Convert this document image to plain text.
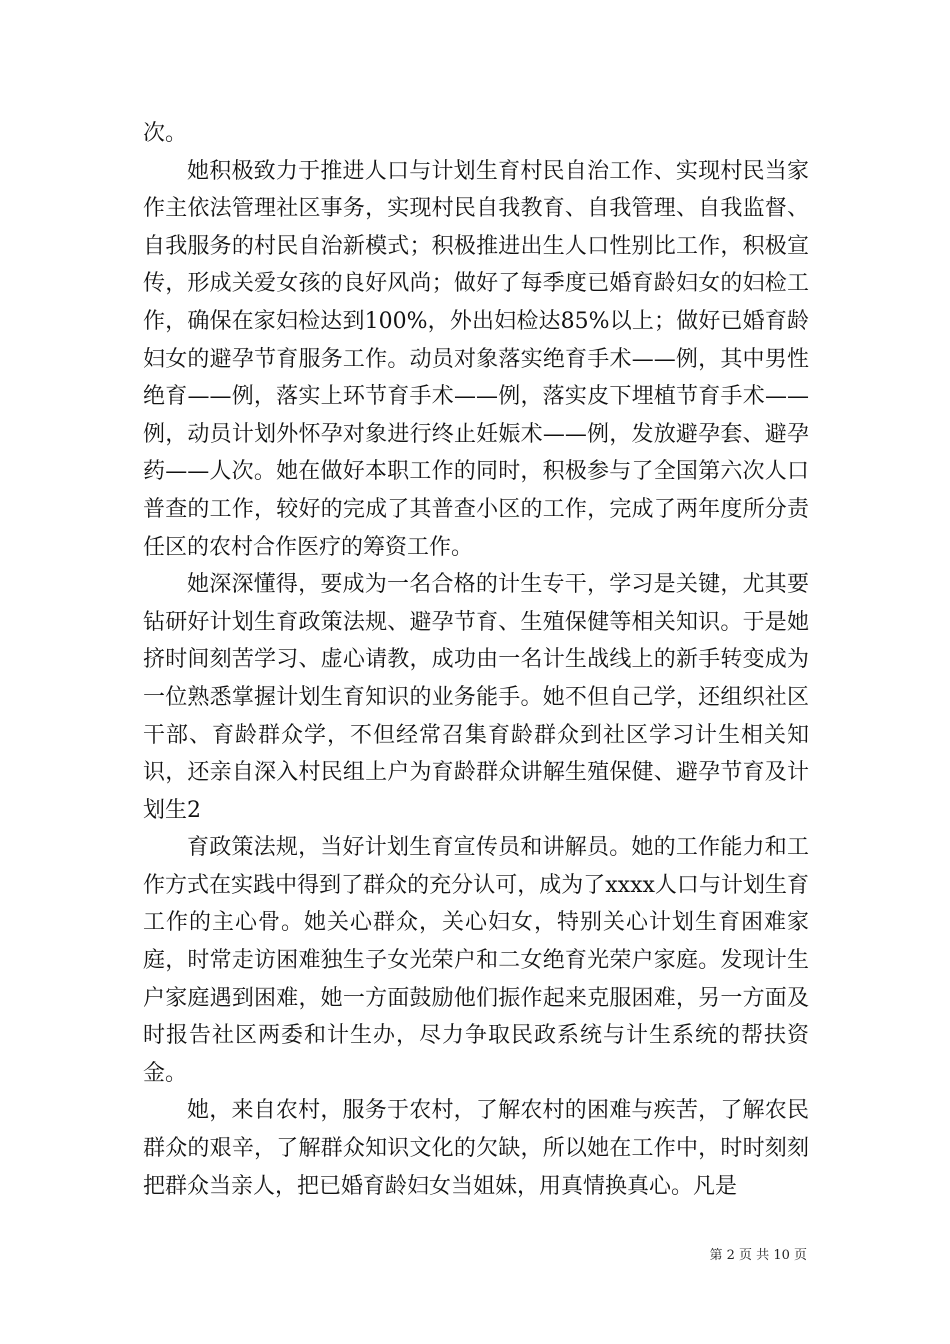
次。

她积极致力于推进人口与计划生育村民自治工作、实现村民当家作主依法管理社区事务，实现村民自我教育、自我管理、自我监督、自我服务的村民自治新模式；积极推进出生人口性别比工作，积极宣传，形成关爱女孩的良好风尚；做好了每季度已婚育龄妇女的妇检工作，确保在家妇检达到100%，外出妇检达85%以上；做好已婚育龄妇女的避孕节育服务工作。动员对象落实绝育手术——例，其中男性绝育——例，落实上环节育手术——例，落实皮下埋植节育手术——例，动员计划外怀孕对象进行终止妊娠术——例，发放避孕套、避孕药——人次。她在做好本职工作的同时，积极参与了全国第六次人口普查的工作，较好的完成了其普查小区的工作，完成了两年度所分责任区的农村合作医疗的筹资工作。

她深深懂得，要成为一名合格的计生专干，学习是关键，尤其要钻研好计划生育政策法规、避孕节育、生殖保健等相关知识。于是她挤时间刻苦学习、虚心请教，成功由一名计生战线上的新手转变成为一位熟悉掌握计划生育知识的业务能手。她不但自己学，还组织社区干部、育龄群众学，不但经常召集育龄群众到社区学习计生相关知识，还亲自深入村民组上户为育龄群众讲解生殖保健、避孕节育及计划生2

育政策法规，当好计划生育宣传员和讲解员。她的工作能力和工作方式在实践中得到了群众的充分认可，成为了xxxx人口与计划生育工作的主心骨。她关心群众，关心妇女，特别关心计划生育困难家庭，时常走访困难独生子女光荣户和二女绝育光荣户家庭。发现计生户家庭遇到困难，她一方面鼓励他们振作起来克服困难，另一方面及时报告社区两委和计生办，尽力争取民政系统与计生系统的帮扶资金。

她，来自农村，服务于农村，了解农村的困难与疾苦，了解农民群众的艰辛，了解群众知识文化的欠缺，所以她在工作中，时时刻刻把群众当亲人，把已婚育龄妇女当姐妹，用真情换真心。凡是

第 2 页 共 10 页
